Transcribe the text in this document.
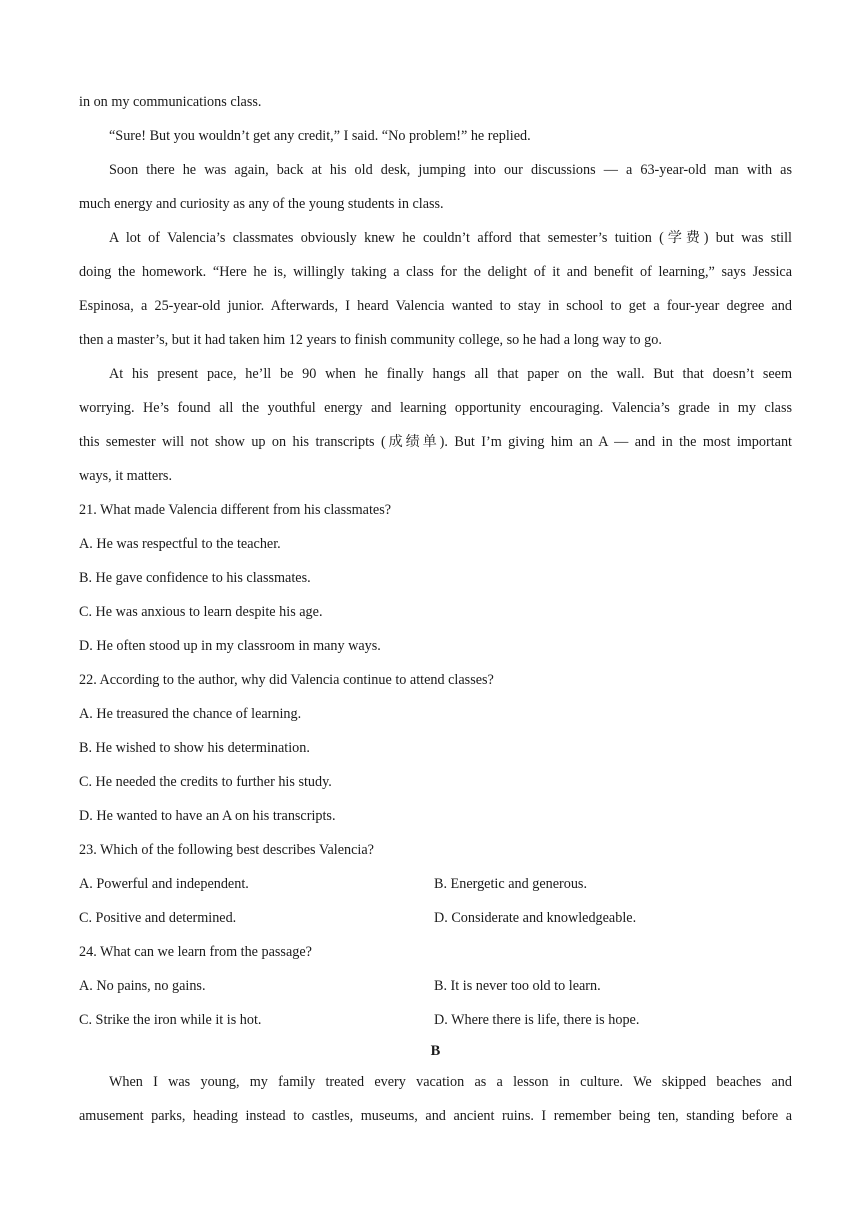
in on my communications class.

“Sure! But you wouldn’t get any credit,” I said. “No problem!” he replied.

Soon there he was again, back at his old desk, jumping into our discussions — a 63-year-old man with as

much energy and curiosity as any of the young students in class.

A lot of Valencia’s classmates obviously knew he couldn’t afford that semester’s tuition (学费) but was still

doing the homework. “Here he is, willingly taking a class for the delight of it and benefit of learning,” says Jessica

Espinosa, a 25-year-old junior. Afterwards, I heard Valencia wanted to stay in school to get a four-year degree and

then a master’s, but it had taken him 12 years to finish community college, so he had a long way to go.

At his present pace, he’ll be 90 when he finally hangs all that paper on the wall. But that doesn’t seem

worrying. He’s found all the youthful energy and learning opportunity encouraging. Valencia’s grade in my class

this semester will not show up on his transcripts (成绩单). But I’m giving him an A — and in the most important

ways, it matters.

21. What made Valencia different from his classmates?

A. He was respectful to the teacher.

B. He gave confidence to his classmates.

C. He was anxious to learn despite his age.

D. He often stood up in my classroom in many ways.

22. According to the author, why did Valencia continue to attend classes?

A. He treasured the chance of learning.

B. He wished to show his determination.

C. He needed the credits to further his study.

D. He wanted to have an A on his transcripts.

23. Which of the following best describes Valencia?

A. Powerful and independent.	B. Energetic and generous.
C. Positive and determined.	D. Considerate and knowledgeable.

24. What can we learn from the passage?

A. No pains, no gains.	B. It is never too old to learn.
C. Strike the iron while it is hot.	D. Where there is life, there is hope.
B

When I was young, my family treated every vacation as a lesson in culture. We skipped beaches and

amusement parks, heading instead to castles, museums, and ancient ruins. I remember being ten, standing before a
